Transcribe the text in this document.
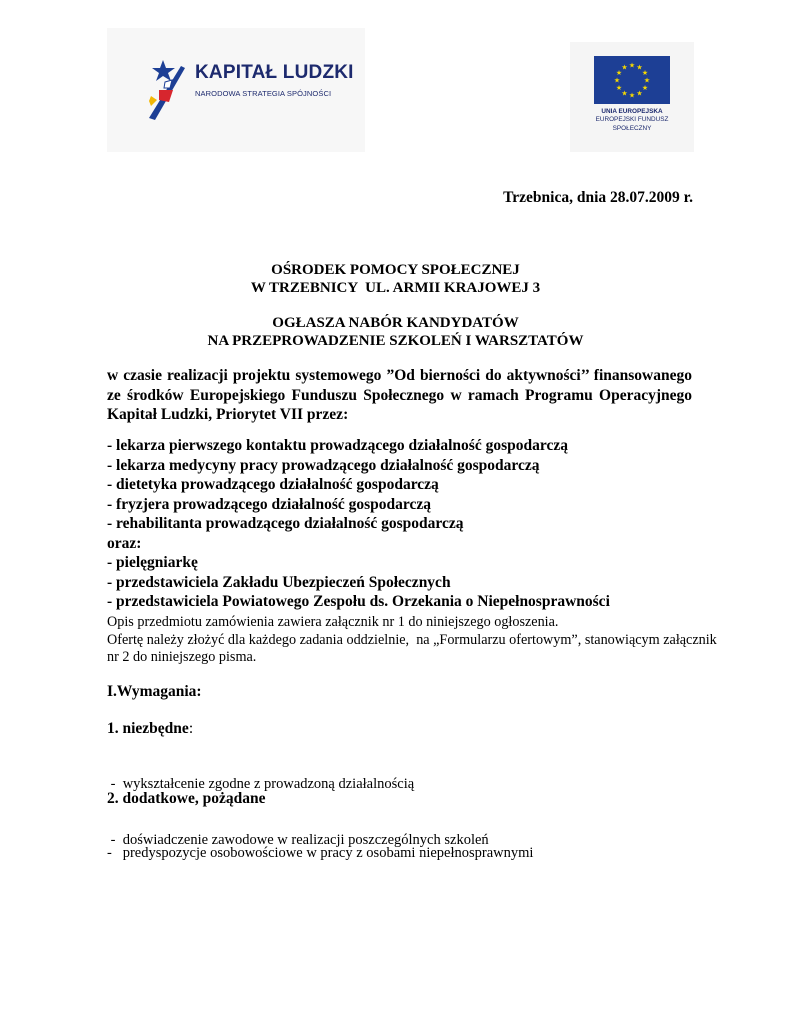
KAPITAŁ LUDZKI
NARODOWA STRATEGIA SPÓJNOŚCI
★ ★
★
★
★
★
★
★
★
★
★
★
UNIA EUROPEJSKA
EUROPEJSKI FUNDUSZ
SPOŁECZNY
Trzebnica, dnia 28.07.2009 r.
OŚRODEK POMOCY SPOŁECZNEJ
W TRZEBNICY  UL. ARMII KRAJOWEJ 3
OGŁASZA NABÓR KANDYDATÓW
NA PRZEPROWADZENIE SZKOLEŃ I WARSZTATÓW
w czasie realizacji projektu systemowego ”Od bierności do aktywności’’ finansowanego ze środków Europejskiego Funduszu Społecznego w ramach Programu Operacyjnego Kapitał Ludzki, Priorytet VII przez:
- lekarza pierwszego kontaktu prowadzącego działalność gospodarczą
- lekarza medycyny pracy prowadzącego działalność gospodarczą
- dietetyka prowadzącego działalność gospodarczą
- fryzjera prowadzącego działalność gospodarczą
- rehabilitanta prowadzącego działalność gospodarczą
oraz:
- pielęgniarkę
- przedstawiciela Zakładu Ubezpieczeń Społecznych
- przedstawiciela Powiatowego Zespołu ds. Orzekania o Niepełnosprawności
Opis przedmiotu zamówienia zawiera załącznik nr 1 do niniejszego ogłoszenia.
Ofertę należy złożyć dla każdego zadania oddzielnie,  na „Formularzu ofertowym”, stanowiącym załącznik nr 2 do niniejszego pisma.
I.Wymagania:
1. niezbędne:

-  wykształcenie zgodne z prowadzoną działalnością

-  doświadczenie zawodowe w realizacji poszczególnych szkoleń

2. dodatkowe, pożądane

-   predyspozycje osobowościowe w pracy z osobami niepełnosprawnymi
